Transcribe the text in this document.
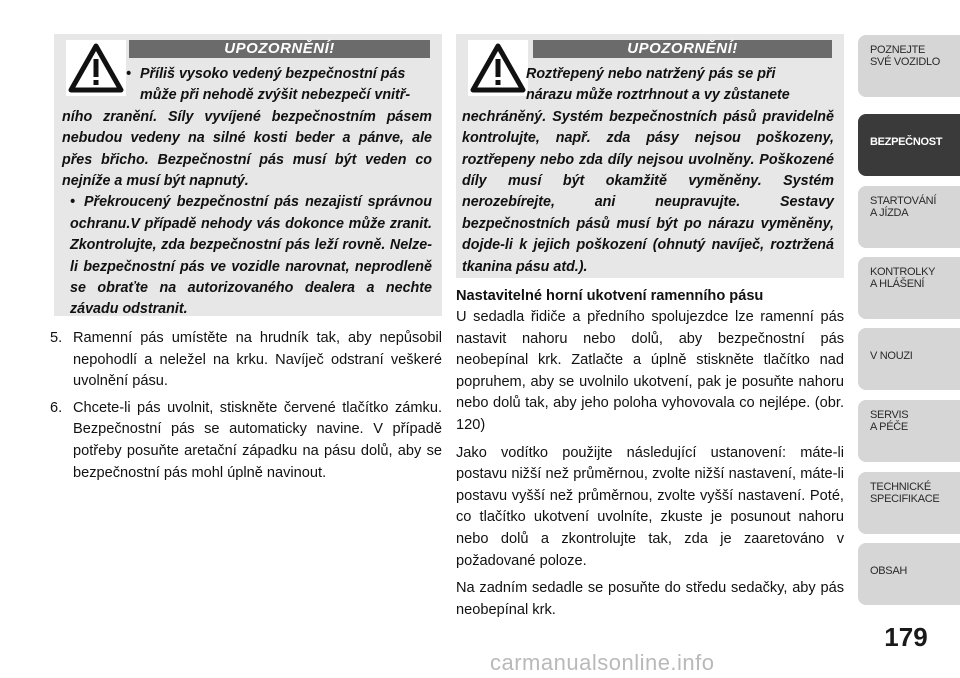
UPOZORNĚNÍ!

• Příliš vysoko vedený bezpečnostní pás

může při nehodě zvýšit nebezpečí vnitř-

ního zranění. Síly vyvíjené bezpečnostním pásem nebudou vedeny na silné kosti beder a pánve, ale přes břicho. Bezpečnostní pás musí být veden co nejníže a musí být napnutý.

• Překroucený bezpečnostní pás nezajistí správnou ochranu.V případě nehody vás dokonce může zranit. Zkontrolujte, zda bezpečnostní pás leží rovně. Nelze-li bezpečnostní pás ve vozidle narovnat, neprodleně se obraťte na autorizovaného dealera a nechte závadu odstranit.

5. Ramenní pás umístěte na hrudník tak, aby nepůsobil nepohodlí a neležel na krku. Navíječ odstraní veškeré uvolnění pásu.
6. Chcete-li pás uvolnit, stiskněte červené tlačítko zámku. Bezpečnostní pás se automaticky navine. V případě potřeby posuňte aretační západku na pásu dolů, aby se bezpečnostní pás mohl úplně navinout.
UPOZORNĚNÍ!

Roztřepený nebo natržený pás se při

nárazu může roztrhnout a vy zůstanete

nechráněný. Systém bezpečnostních pásů pravidelně kontrolujte, např. zda pásy nejsou poškozeny, roztřepeny nebo zda díly nejsou uvolněny. Poškozené díly musí být okamžitě vyměněny. Systém nerozebírejte, ani neupravujte. Sestavy bezpečnostních pásů musí být po nárazu vyměněny, dojde-li k jejich poškození (ohnutý navíječ, roztržená tkanina pásu atd.).

Nastavitelné horní ukotvení ramenního pásu

U sedadla řidiče a předního spolujezdce lze ramenní pás nastavit nahoru nebo dolů, aby bezpečnostní pás neobepínal krk. Zatlačte a úplně stiskněte tlačítko nad popruhem, aby se uvolnilo ukotvení, pak je posuňte nahoru nebo dolů tak, aby jeho poloha vyhovovala co nejlépe. (obr. 120)

Jako vodítko použijte následující ustanovení: máte-li postavu nižší než průměrnou, zvolte nižší nastavení, máte-li postavu vyšší než průměrnou, zvolte vyšší nastavení. Poté, co tlačítko ukotvení uvolníte, zkuste je posunout nahoru nebo dolů a zkontrolujte tak, zda je zaaretováno v požadované poloze.

Na zadním sedadle se posuňte do středu sedačky, aby pás neobepínal krk.

POZNEJTE
SVÉ VOZIDLO
BEZPEČNOST
STARTOVÁNÍ
A JÍZDA
KONTROLKY
A HLÁŠENÍ
V NOUZI
SERVIS
A PÉČE
TECHNICKÉ
SPECIFIKACE
OBSAH
179
carmanualsonline.info
